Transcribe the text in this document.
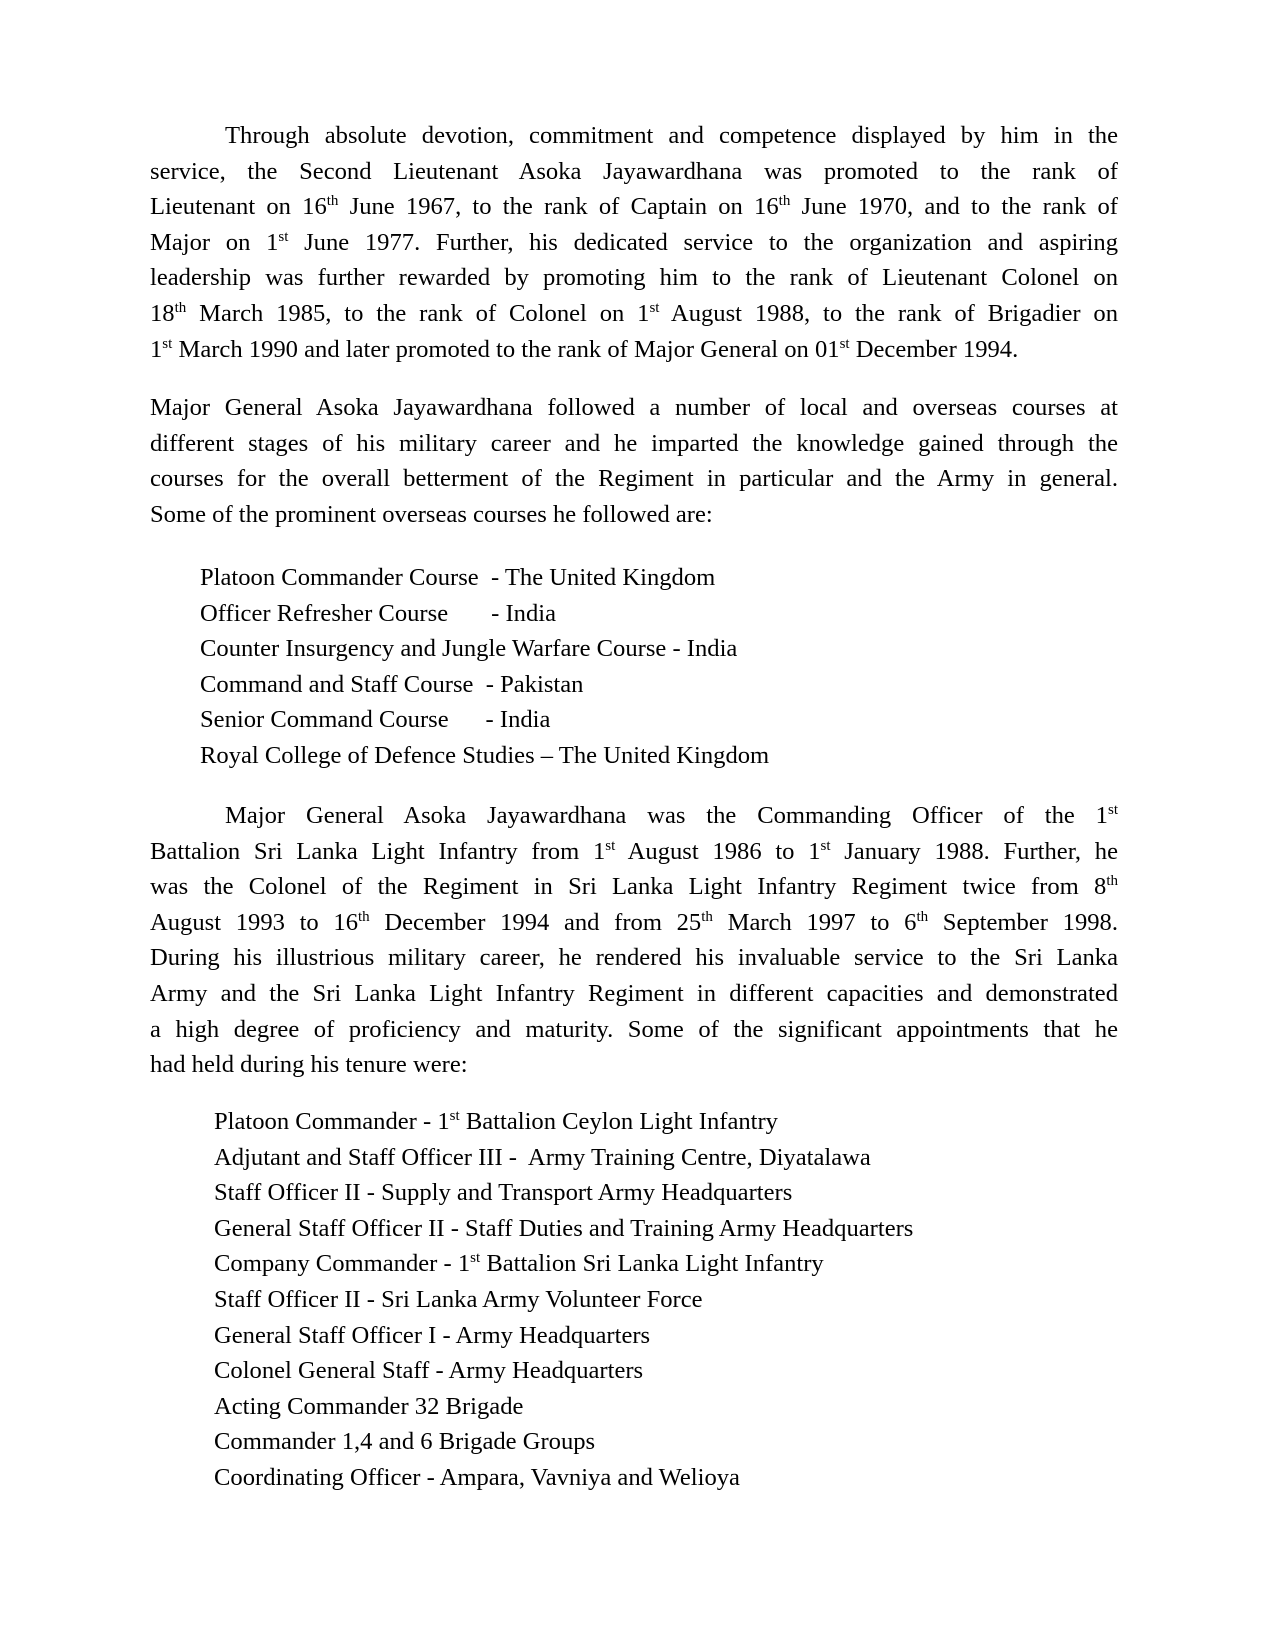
Through absolute devotion, commitment and competence displayed by him in the
service, the Second Lieutenant Asoka Jayawardhana was promoted to the rank of
Lieutenant on 16th June 1967, to the rank of Captain on 16th June 1970, and to the rank of
Major on 1st June 1977. Further, his dedicated service to the organization and aspiring
leadership was further rewarded by promoting him to the rank of Lieutenant Colonel on
18th March 1985, to the rank of Colonel on 1st August 1988, to the rank of Brigadier on
1st March 1990 and later promoted to the rank of Major General on 01st December 1994.
Major General Asoka Jayawardhana followed a number of local and overseas courses at
different stages of his military career and he imparted the knowledge gained through the
courses for the overall betterment of the Regiment in particular and the Army in general.
Some of the prominent overseas courses he followed are:
Platoon Commander Course  - The United Kingdom
Officer Refresher Course       - India
Counter Insurgency and Jungle Warfare Course - India
Command and Staff Course  - Pakistan
Senior Command Course      - India
Royal College of Defence Studies – The United Kingdom
Major General Asoka Jayawardhana was the Commanding Officer of the 1st
Battalion Sri Lanka Light Infantry from 1st August 1986 to 1st January 1988. Further, he
was the Colonel of the Regiment in Sri Lanka Light Infantry Regiment twice from 8th
August 1993 to 16th December 1994 and from 25th March 1997 to 6th September 1998.
During his illustrious military career, he rendered his invaluable service to the Sri Lanka
Army and the Sri Lanka Light Infantry Regiment in different capacities and demonstrated
a high degree of proficiency and maturity. Some of the significant appointments that he
had held during his tenure were:
Platoon Commander - 1st Battalion Ceylon Light Infantry
Adjutant and Staff Officer III -  Army Training Centre, Diyatalawa
Staff Officer II - Supply and Transport Army Headquarters
General Staff Officer II - Staff Duties and Training Army Headquarters
Company Commander - 1st Battalion Sri Lanka Light Infantry
Staff Officer II - Sri Lanka Army Volunteer Force
General Staff Officer I - Army Headquarters
Colonel General Staff - Army Headquarters
Acting Commander 32 Brigade
Commander 1,4 and 6 Brigade Groups
Coordinating Officer - Ampara, Vavniya and Welioya
